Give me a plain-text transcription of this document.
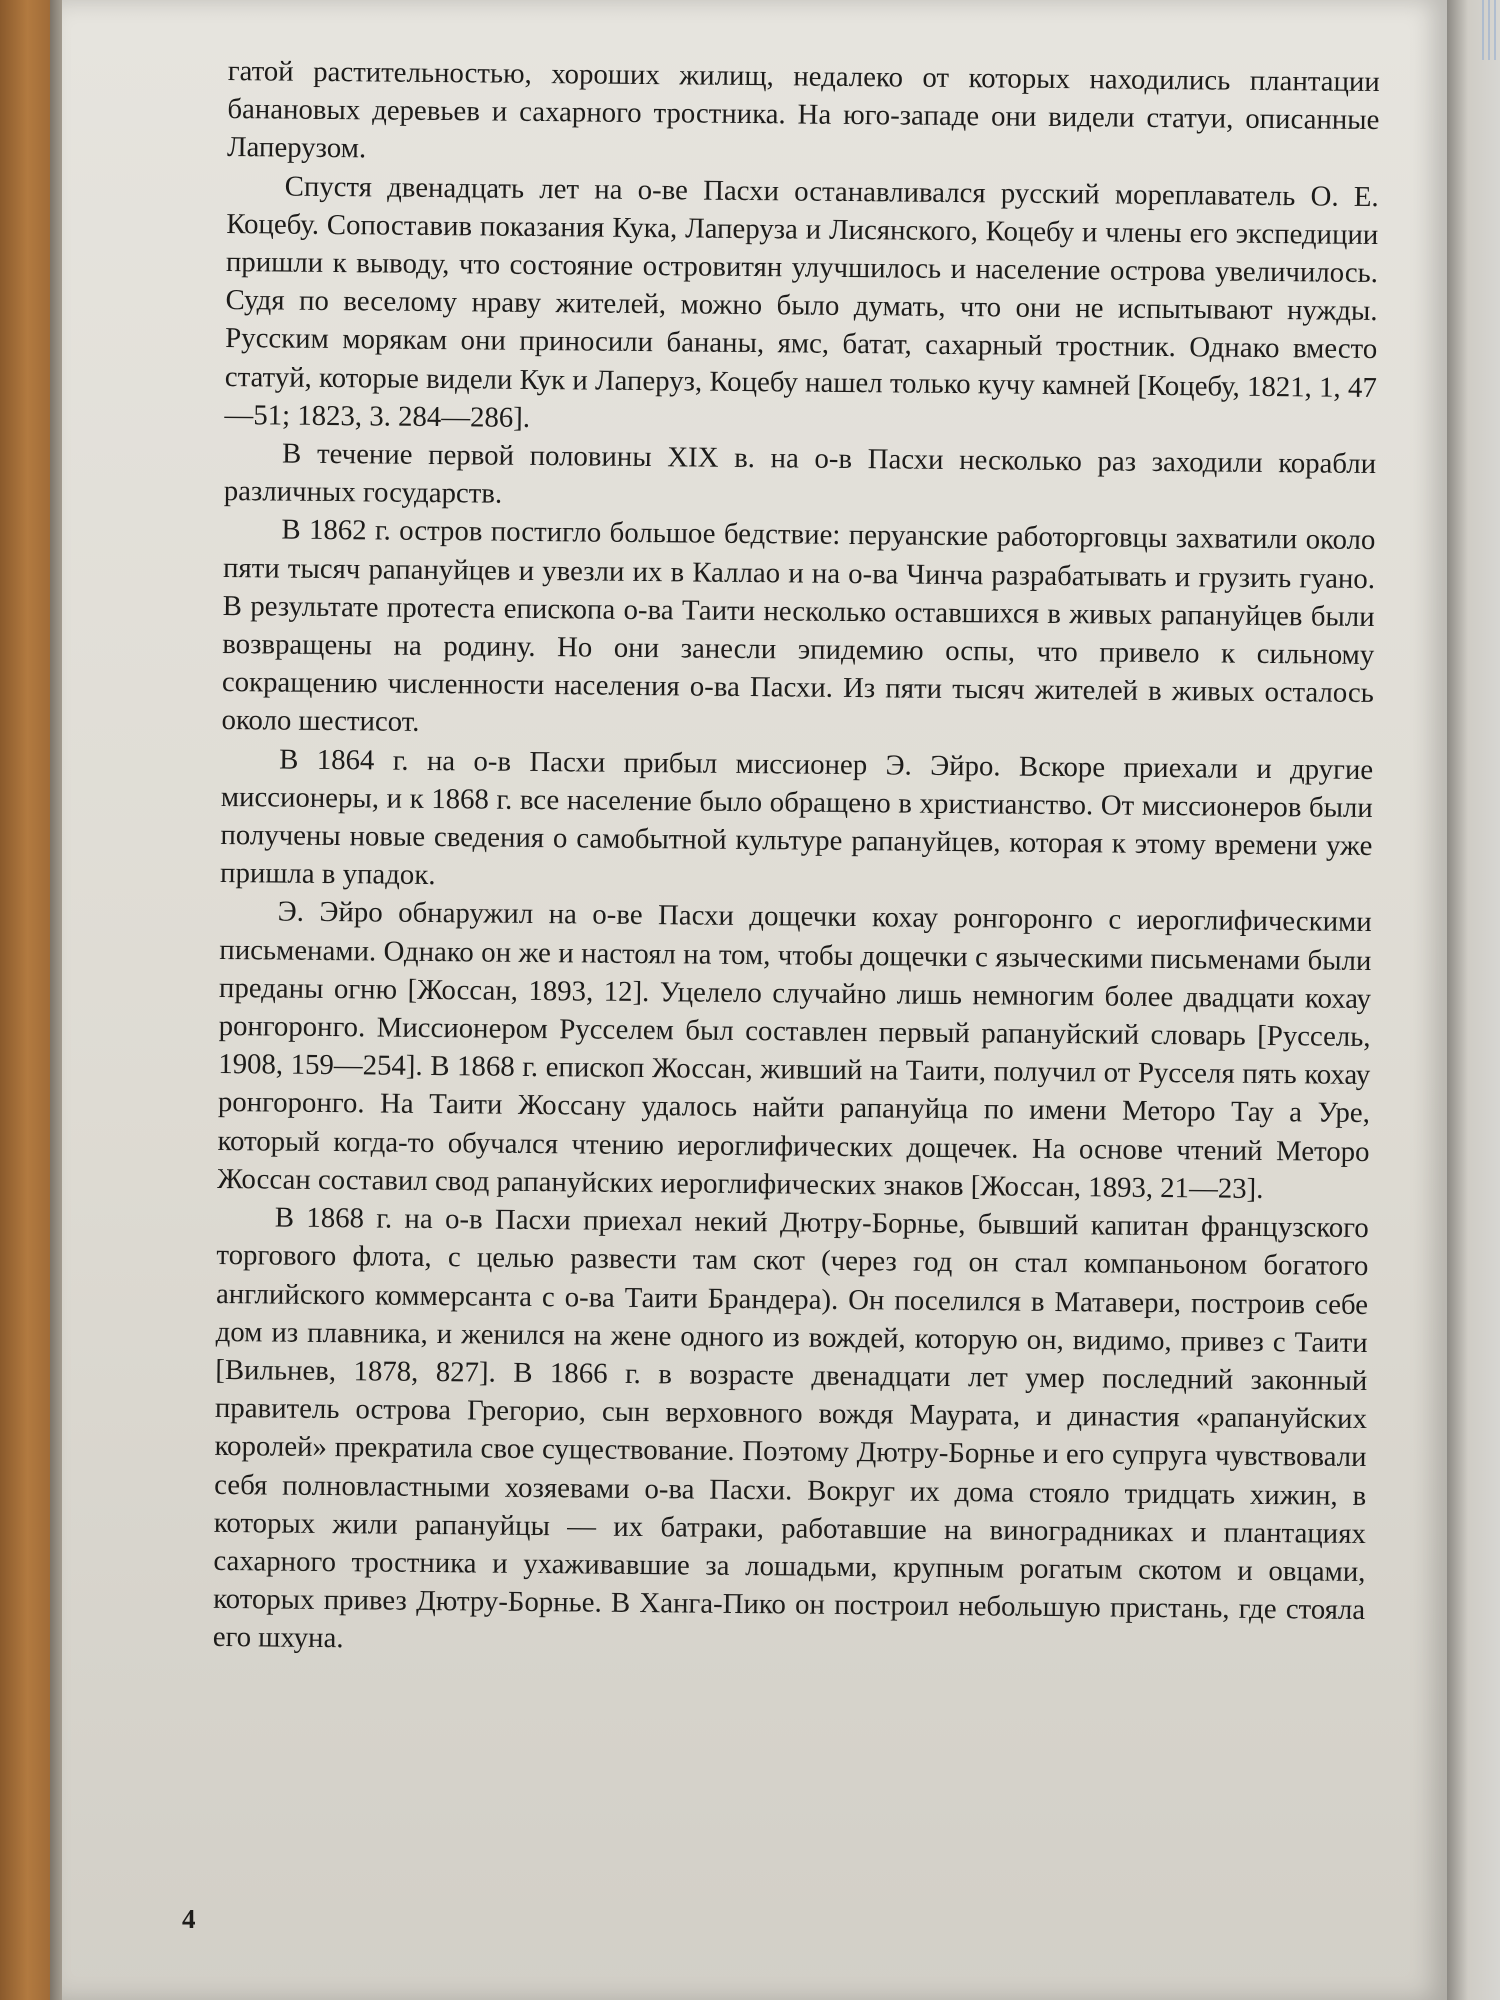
гатой растительностью, хороших жилищ, недалеко от которых находились плантации банановых деревьев и сахарного тростника. На юго-западе они видели статуи, описанные Лаперузом.

Спустя двенадцать лет на о-ве Пасхи останавливался русский мореплаватель О. Е. Коцебу. Сопоставив показания Кука, Лаперуза и Лисянского, Коцебу и члены его экспедиции пришли к выводу, что состояние островитян улучшилось и население острова увеличилось. Судя по веселому нраву жителей, можно было думать, что они не испытывают нужды. Русским морякам они приносили бананы, ямс, батат, сахарный тростник. Однако вместо статуй, которые видели Кук и Лаперуз, Коцебу нашел только кучу камней [Коцебу, 1821, 1, 47—51; 1823, 3. 284—286].

В течение первой половины XIX в. на о-в Пасхи несколько раз заходили корабли различных государств.

В 1862 г. остров постигло большое бедствие: перуанские работорговцы захватили около пяти тысяч рапануйцев и увезли их в Каллао и на о-ва Чинча разрабатывать и грузить гуано. В результате протеста епископа о-ва Таити несколько оставшихся в живых рапануйцев были возвращены на родину. Но они занесли эпидемию оспы, что привело к сильному сокращению численности населения о-ва Пасхи. Из пяти тысяч жителей в живых осталось около шестисот.

В 1864 г. на о-в Пасхи прибыл миссионер Э. Эйро. Вскоре приехали и другие миссионеры, и к 1868 г. все население было обращено в христианство. От миссионеров были получены новые сведения о самобытной культуре рапануйцев, которая к этому времени уже пришла в упадок.

Э. Эйро обнаружил на о-ве Пасхи дощечки кохау ронгоронго с иероглифическими письменами. Однако он же и настоял на том, чтобы дощечки с языческими письменами были преданы огню [Жоссан, 1893, 12]. Уцелело случайно лишь немногим более двадцати кохау ронгоронго. Миссионером Русселем был составлен первый рапануйский словарь [Руссель, 1908, 159—254]. В 1868 г. епископ Жоссан, живший на Таити, получил от Русселя пять кохау ронгоронго. На Таити Жоссану удалось найти рапануйца по имени Метоpo Тау а Уре, который когда-то обучался чтению иероглифических дощечек. На основе чтений Метоpo Жоссан составил свод рапануйских иероглифических знаков [Жоссан, 1893, 21—23].

В 1868 г. на о-в Пасхи приехал некий Дютру-Борнье, бывший капитан французского торгового флота, с целью развести там скот (через год он стал компаньоном богатого английского коммерсанта с о-ва Таити Брандера). Он поселился в Матавери, построив себе дом из плавника, и женился на жене одного из вождей, которую он, видимо, привез с Таити [Вильнев, 1878, 827]. В 1866 г. в возрасте двенадцати лет умер последний законный правитель острова Грегорио, сын верховного вождя Маурата, и династия «рапануйских королей» прекратила свое существование. Поэтому Дютру-Борнье и его супруга чувствовали себя полновластными хозяевами о-ва Пасхи. Вокруг их дома стояло тридцать хижин, в которых жили рапануйцы — их батраки, работавшие на виноградниках и плантациях сахарного тростника и ухаживавшие за лошадьми, крупным рогатым скотом и овцами, которых привез Дютру-Борнье. В Ханга-Пико он построил небольшую пристань, где стояла его шхуна.

4
